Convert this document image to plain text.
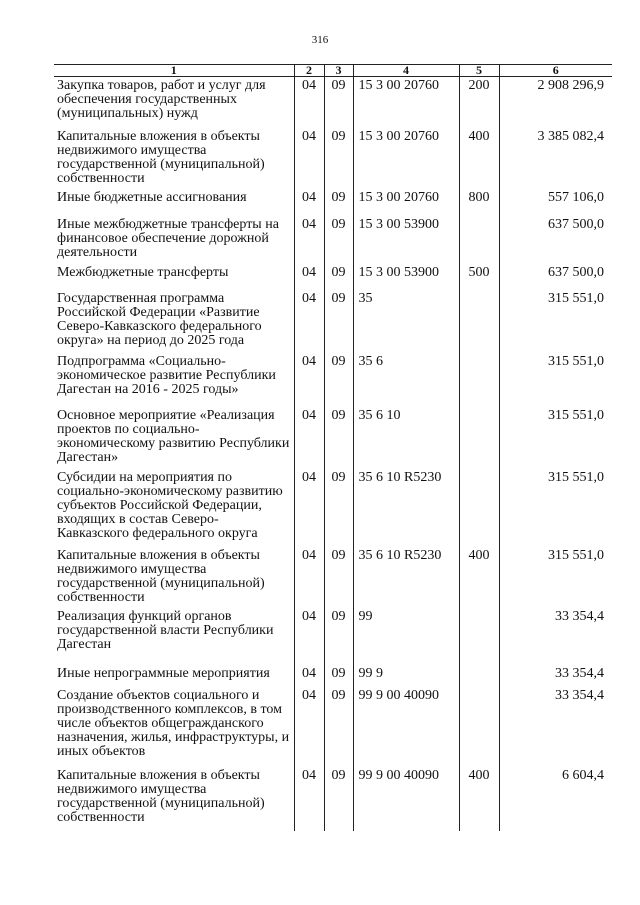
316
1	2	3	4	5	6
Закупка товаров, работ и услуг для обеспечения государственных (муниципальных) нужд	04	09	15 3 00 20760	200	2 908 296,9
Капитальные вложения в объекты недвижимого имущества государственной (муниципальной) собственности	04	09	15 3 00 20760	400	3 385 082,4
Иные бюджетные ассигнования	04	09	15 3 00 20760	800	557 106,0
Иные межбюджетные трансферты на финансовое обеспечение дорожной деятельности	04	09	15 3 00 53900		637 500,0
Межбюджетные трансферты	04	09	15 3 00 53900	500	637 500,0
Государственная программа Российской Федерации «Развитие Северо-Кавказского федерального округа» на период до 2025 года	04	09	35		315 551,0
Подпрограмма «Социально-экономическое развитие Республики Дагестан на 2016 - 2025 годы»	04	09	35 6		315 551,0
Основное мероприятие «Реализация проектов по социально-экономическому развитию Республики Дагестан»	04	09	35 6 10		315 551,0
Субсидии на мероприятия по социально-экономическому развитию субъектов Российской Федерации, входящих в состав Северо-Кавказского федерального округа	04	09	35 6 10 R5230		315 551,0
Капитальные вложения в объекты недвижимого имущества государственной (муниципальной) собственности	04	09	35 6 10 R5230	400	315 551,0
Реализация функций органов государственной власти Республики Дагестан	04	09	99		33 354,4
Иные непрограммные мероприятия	04	09	99 9		33 354,4
Создание объектов социального и производственного комплексов, в том числе объектов общегражданского назначения, жилья, инфраструктуры, и иных объектов	04	09	99 9 00 40090		33 354,4
Капитальные вложения в объекты недвижимого имущества государственной (муниципальной) собственности	04	09	99 9 00 40090	400	6 604,4
